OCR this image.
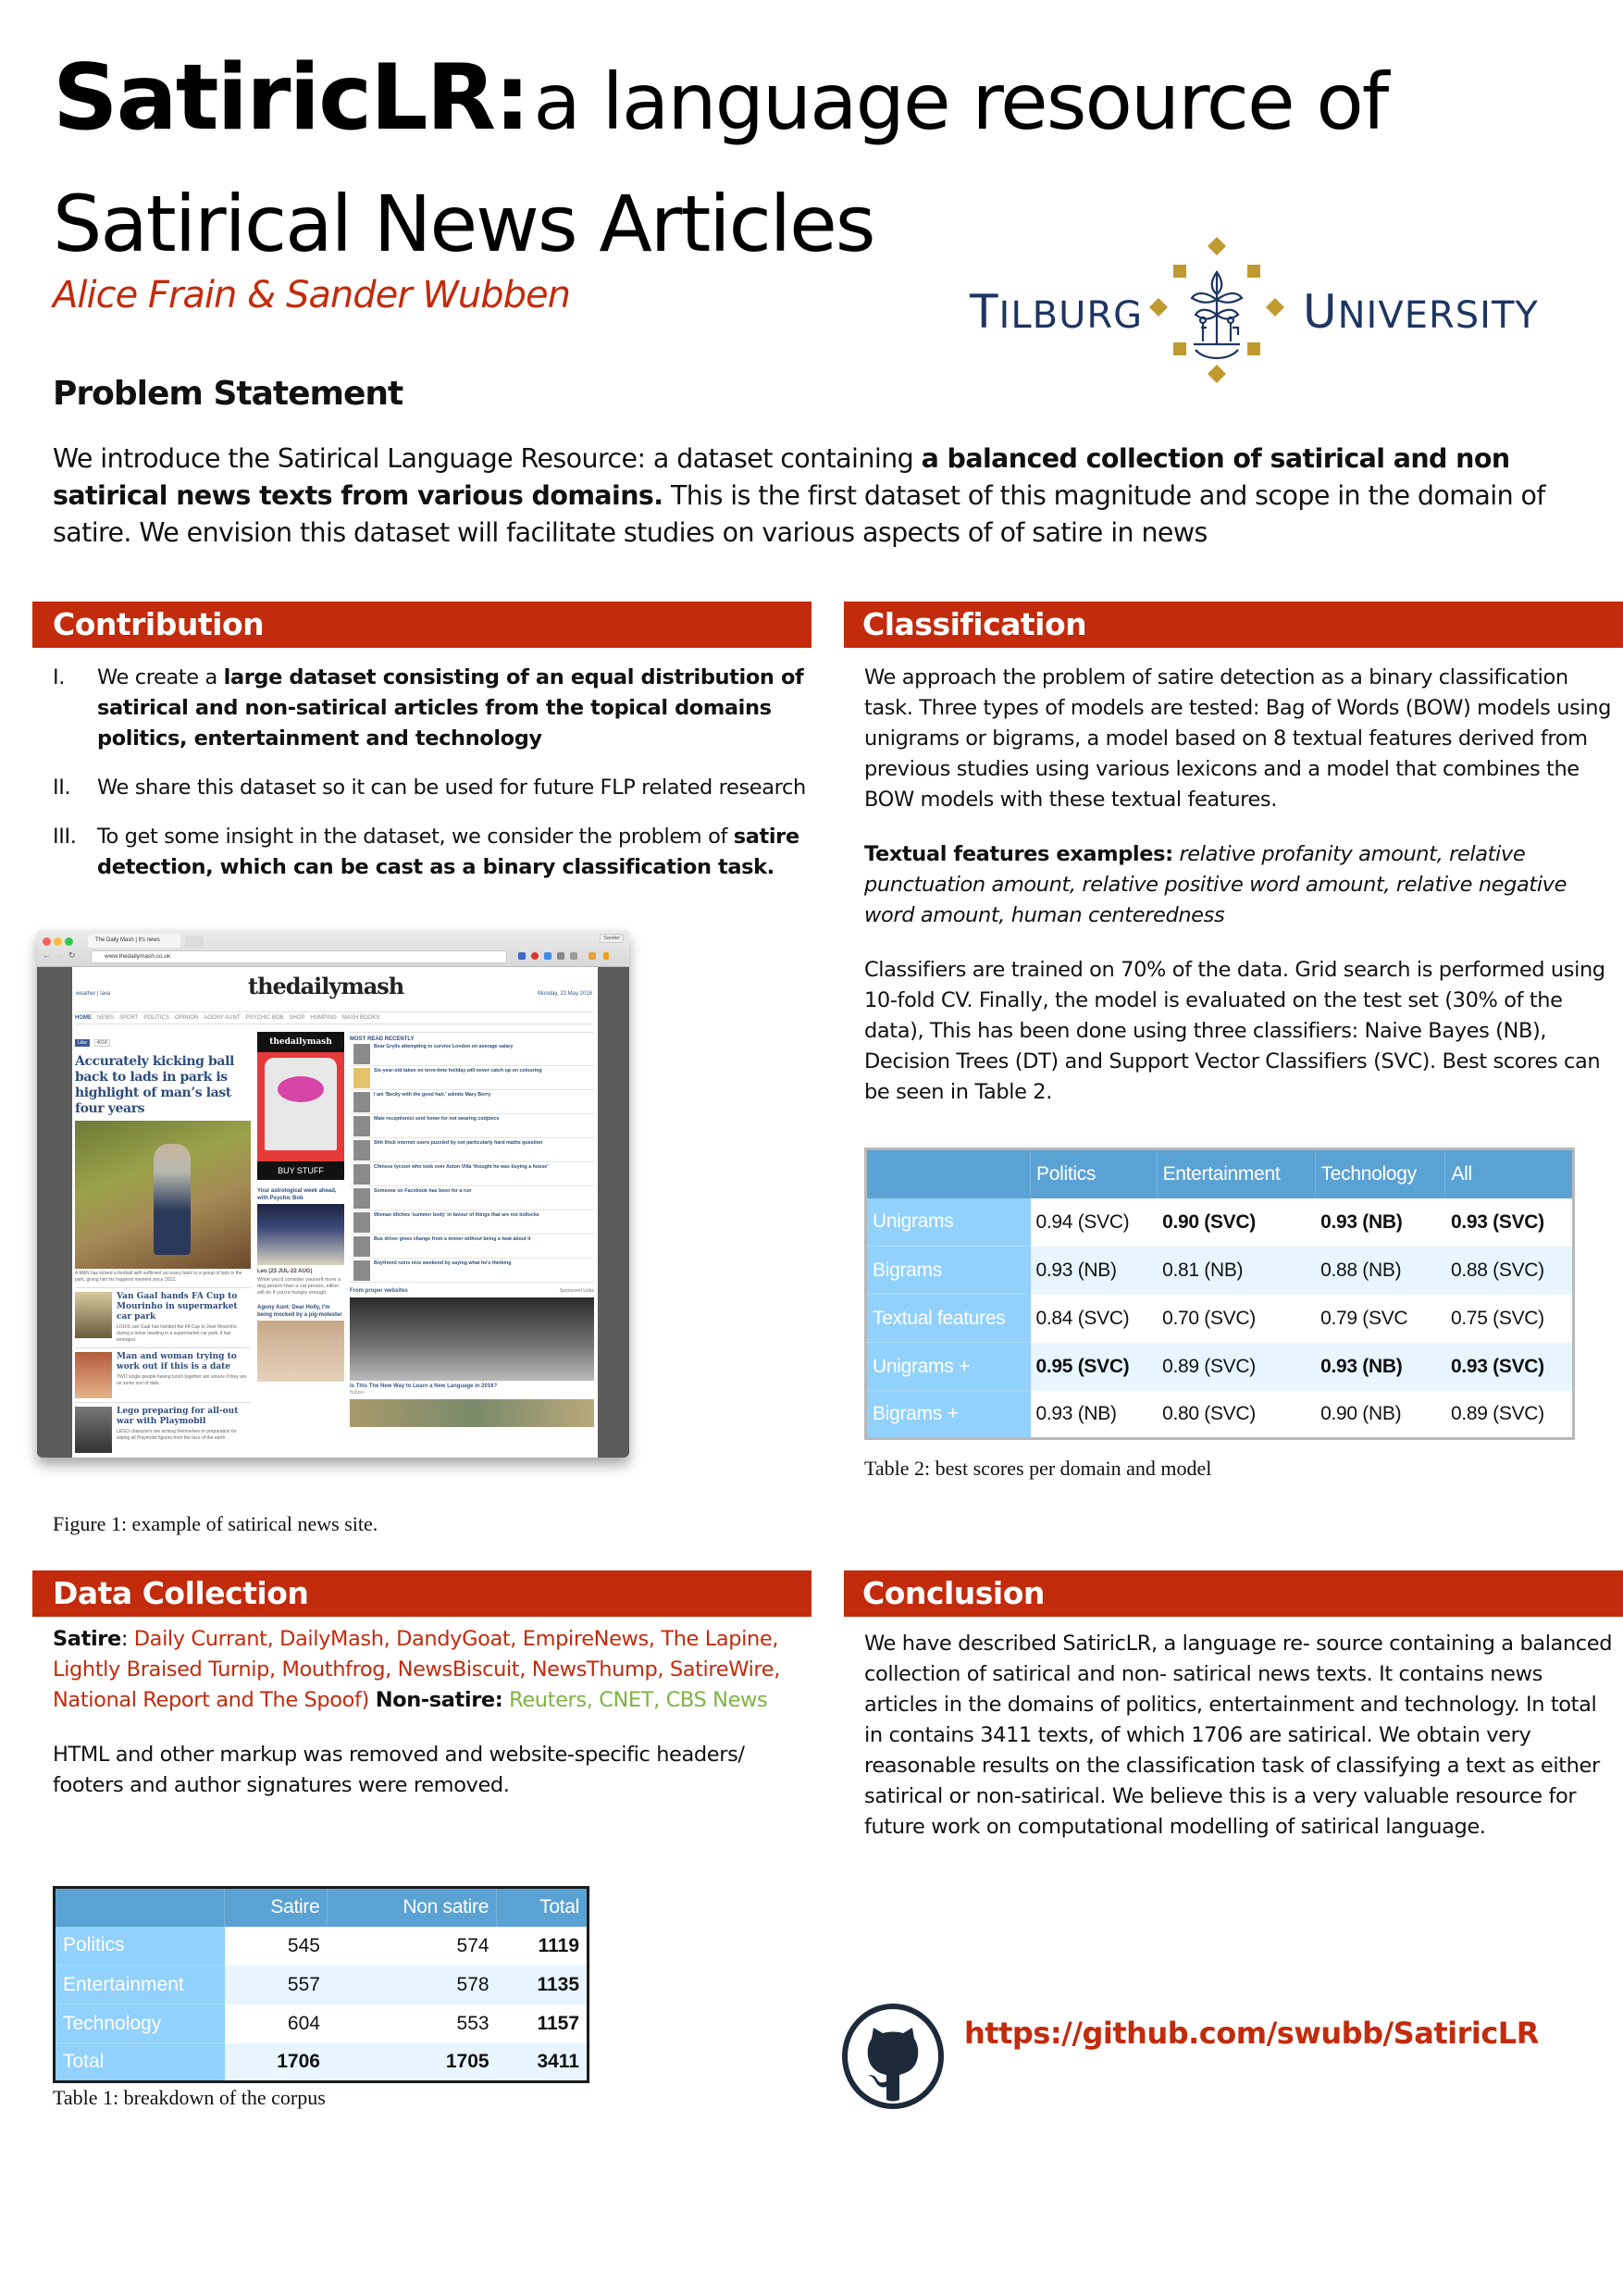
SatiricLR: a language resource of
Satirical News Articles
Alice Frain & Sander Wubben	TILBURG	UNIVERSITY
Problem Statement
We introduce the Satirical Language Resource: a dataset containing a balanced collection of satirical and non satirical news texts from various domains. This is the first dataset of this magnitude and scope in the domain of satire. We envision this dataset will facilitate studies on various aspects of of satire in news
Contribution
I. We create a large dataset consisting of an equal distribution of satirical and non-satirical articles from the topical domains politics, entertainment and technology
II. We share this dataset so it can be used for future FLP related research
III. To get some insight in the dataset, we consider the problem of satire detection, which can be cast as a binary classification task.
The Daily Mash | It's news	Sander
← → ↻	www.thedailymash.co.uk
weather | lava	thedailymash	Monday, 23 May 2016
HOME NEWS SPORT POLITICS OPINION AGONY AUNT PSYCHIC BOB SHOP HUMPING MASH BOOKS
Like 401K
Accurately kicking ball back to lads in park is highlight of man’s last four years
A MAN has kicked a football with sufficient accuracy back to a group of lads in the park, giving him his happiest moment since 2012.
Van Gaal hands FA Cup to Mourinho in supermarket car park

LOUIS van Gaal has handed the FA Cup to Jose Mourinho during a tense meeting in a supermarket car park, it has emerged.

Man and woman trying to work out if this is a date

TWO single people having lunch together are unsure if they are on some sort of date.

Lego preparing for all-out war with Playmobil

LEGO characters are arming themselves in preparation for wiping all Playmobil figures from the face of the earth.

thedailymash
BUY STUFF
Your astrological week ahead, with Psychic Bob
Leo (23 JUL-22 AUG)
While you'd consider yourself more a dog person than a cat person, either will do if you're hungry enough.
Agony Aunt: Dear Holly, I'm being mocked by a pig-molester
MOST READ RECENTLY
Bear Grylls attempting to survive London on average salary
Six-year-old taken on term-time holiday will never catch up on colouring
I am 'Becky with the good hair,' admits Mary Berry
Male receptionist sent home for not wearing codpiece
Shit thick internet users puzzled by not particularly hard maths question
Chinese tycoon who took over Aston Villa 'thought he was buying a house'
Someone on Facebook has been for a run
Woman ditches 'summer body' in favour of things that are not bollocks
Bus driver gives change from a tenner without being a twat about it
Boyfriend ruins nice weekend by saying what he's thinking
From proper websites	Sponsored Links
Is This The New Way to Learn a New Language in 2016?
Babbel
Figure 1: example of satirical news site.
Classification

We approach the problem of satire detection as a binary classification task. Three types of models are tested: Bag of Words (BOW) models using unigrams or bigrams, a model based on 8 textual features derived from previous studies using various lexicons and a model that combines the BOW models with these textual features.

Textual features examples: relative profanity amount, relative punctuation amount, relative positive word amount, relative negative word amount, human centeredness

Classifiers are trained on 70% of the data. Grid search is performed using 10-fold CV. Finally, the model is evaluated on the test set (30% of the data), This has been done using three classifiers: Naive Bayes (NB), Decision Trees (DT) and Support Vector Classifiers (SVC). Best scores can be seen in Table 2.

	Politics	Entertainment	Technology	All
Unigrams	0.94 (SVC)	0.90 (SVC)	0.93 (NB)	0.93 (SVC)
Bigrams	0.93 (NB)	0.81 (NB)	0.88 (NB)	0.88 (SVC)
Textual features	0.84 (SVC)	0.70 (SVC)	0.79 (SVC	0.75 (SVC)
Unigrams +	0.95 (SVC)	0.89 (SVC)	0.93 (NB)	0.93 (SVC)
Bigrams +	0.93 (NB)	0.80 (SVC)	0.90 (NB)	0.89 (SVC)
Table 2: best scores per domain and model
Data Collection

Satire: Daily Currant, DailyMash, DandyGoat, EmpireNews, The Lapine, Lightly Braised Turnip, Mouthfrog, NewsBiscuit, NewsThump, SatireWire, National Report and The Spoof) Non-satire: Reuters, CNET, CBS News

HTML and other markup was removed and website-specific headers/ footers and author signatures were removed.

	Satire	Non satire	Total
Politics	545	574	1119
Entertainment	557	578	1135
Technology	604	553	1157
Total	1706	1705	3411
Table 1: breakdown of the corpus
Conclusion
We have described SatiricLR, a language re- source containing a balanced collection of satirical and non- satirical news texts. It contains news articles in the domains of politics, entertainment and technology. In total in contains 3411 texts, of which 1706 are satirical. We obtain very reasonable results on the classification task of classifying a text as either satirical or non-satirical. We believe this is a very valuable resource for future work on computational modelling of satirical language.
https://github.com/swubb/SatiricLR
